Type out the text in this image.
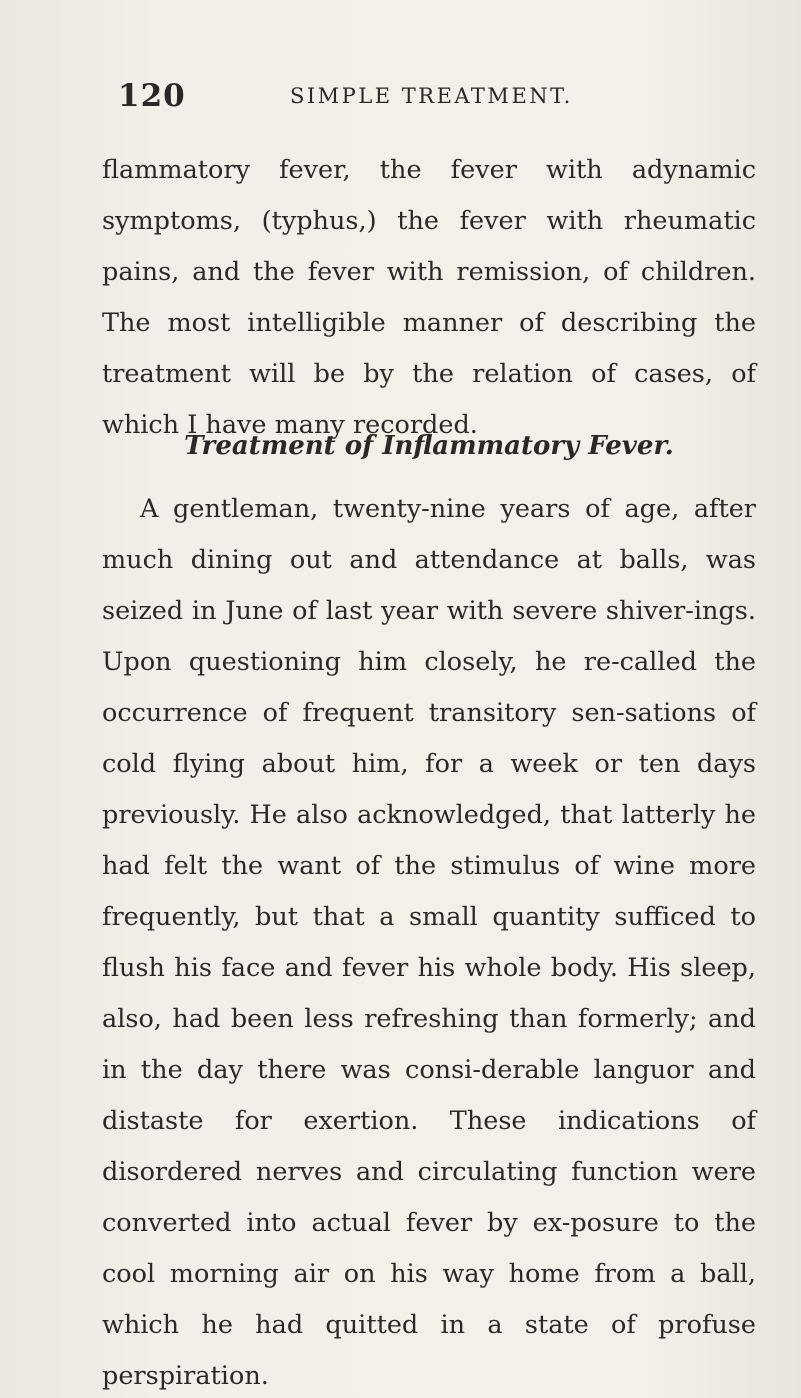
120	SIMPLE TREATMENT.

flammatory fever, the fever with adynamic symptoms, (typhus,) the fever with rheumatic pains, and the fever with remission, of children. The most intelligible manner of describing the treatment will be by the relation of cases, of which I have many recorded.

Treatment of Inflammatory Fever.

A gentleman, twenty-nine years of age, after much dining out and attendance at balls, was seized in June of last year with severe shiver-ings. Upon questioning him closely, he re-called the occurrence of frequent transitory sen-sations of cold flying about him, for a week or ten days previously. He also acknowledged, that latterly he had felt the want of the stimulus of wine more frequently, but that a small quantity sufficed to flush his face and fever his whole body. His sleep, also, had been less refreshing than formerly; and in the day there was consi-derable languor and distaste for exertion. These indications of disordered nerves and circulating function were converted into actual fever by ex-posure to the cool morning air on his way home from a ball, which he had quitted in a state of profuse perspiration.
